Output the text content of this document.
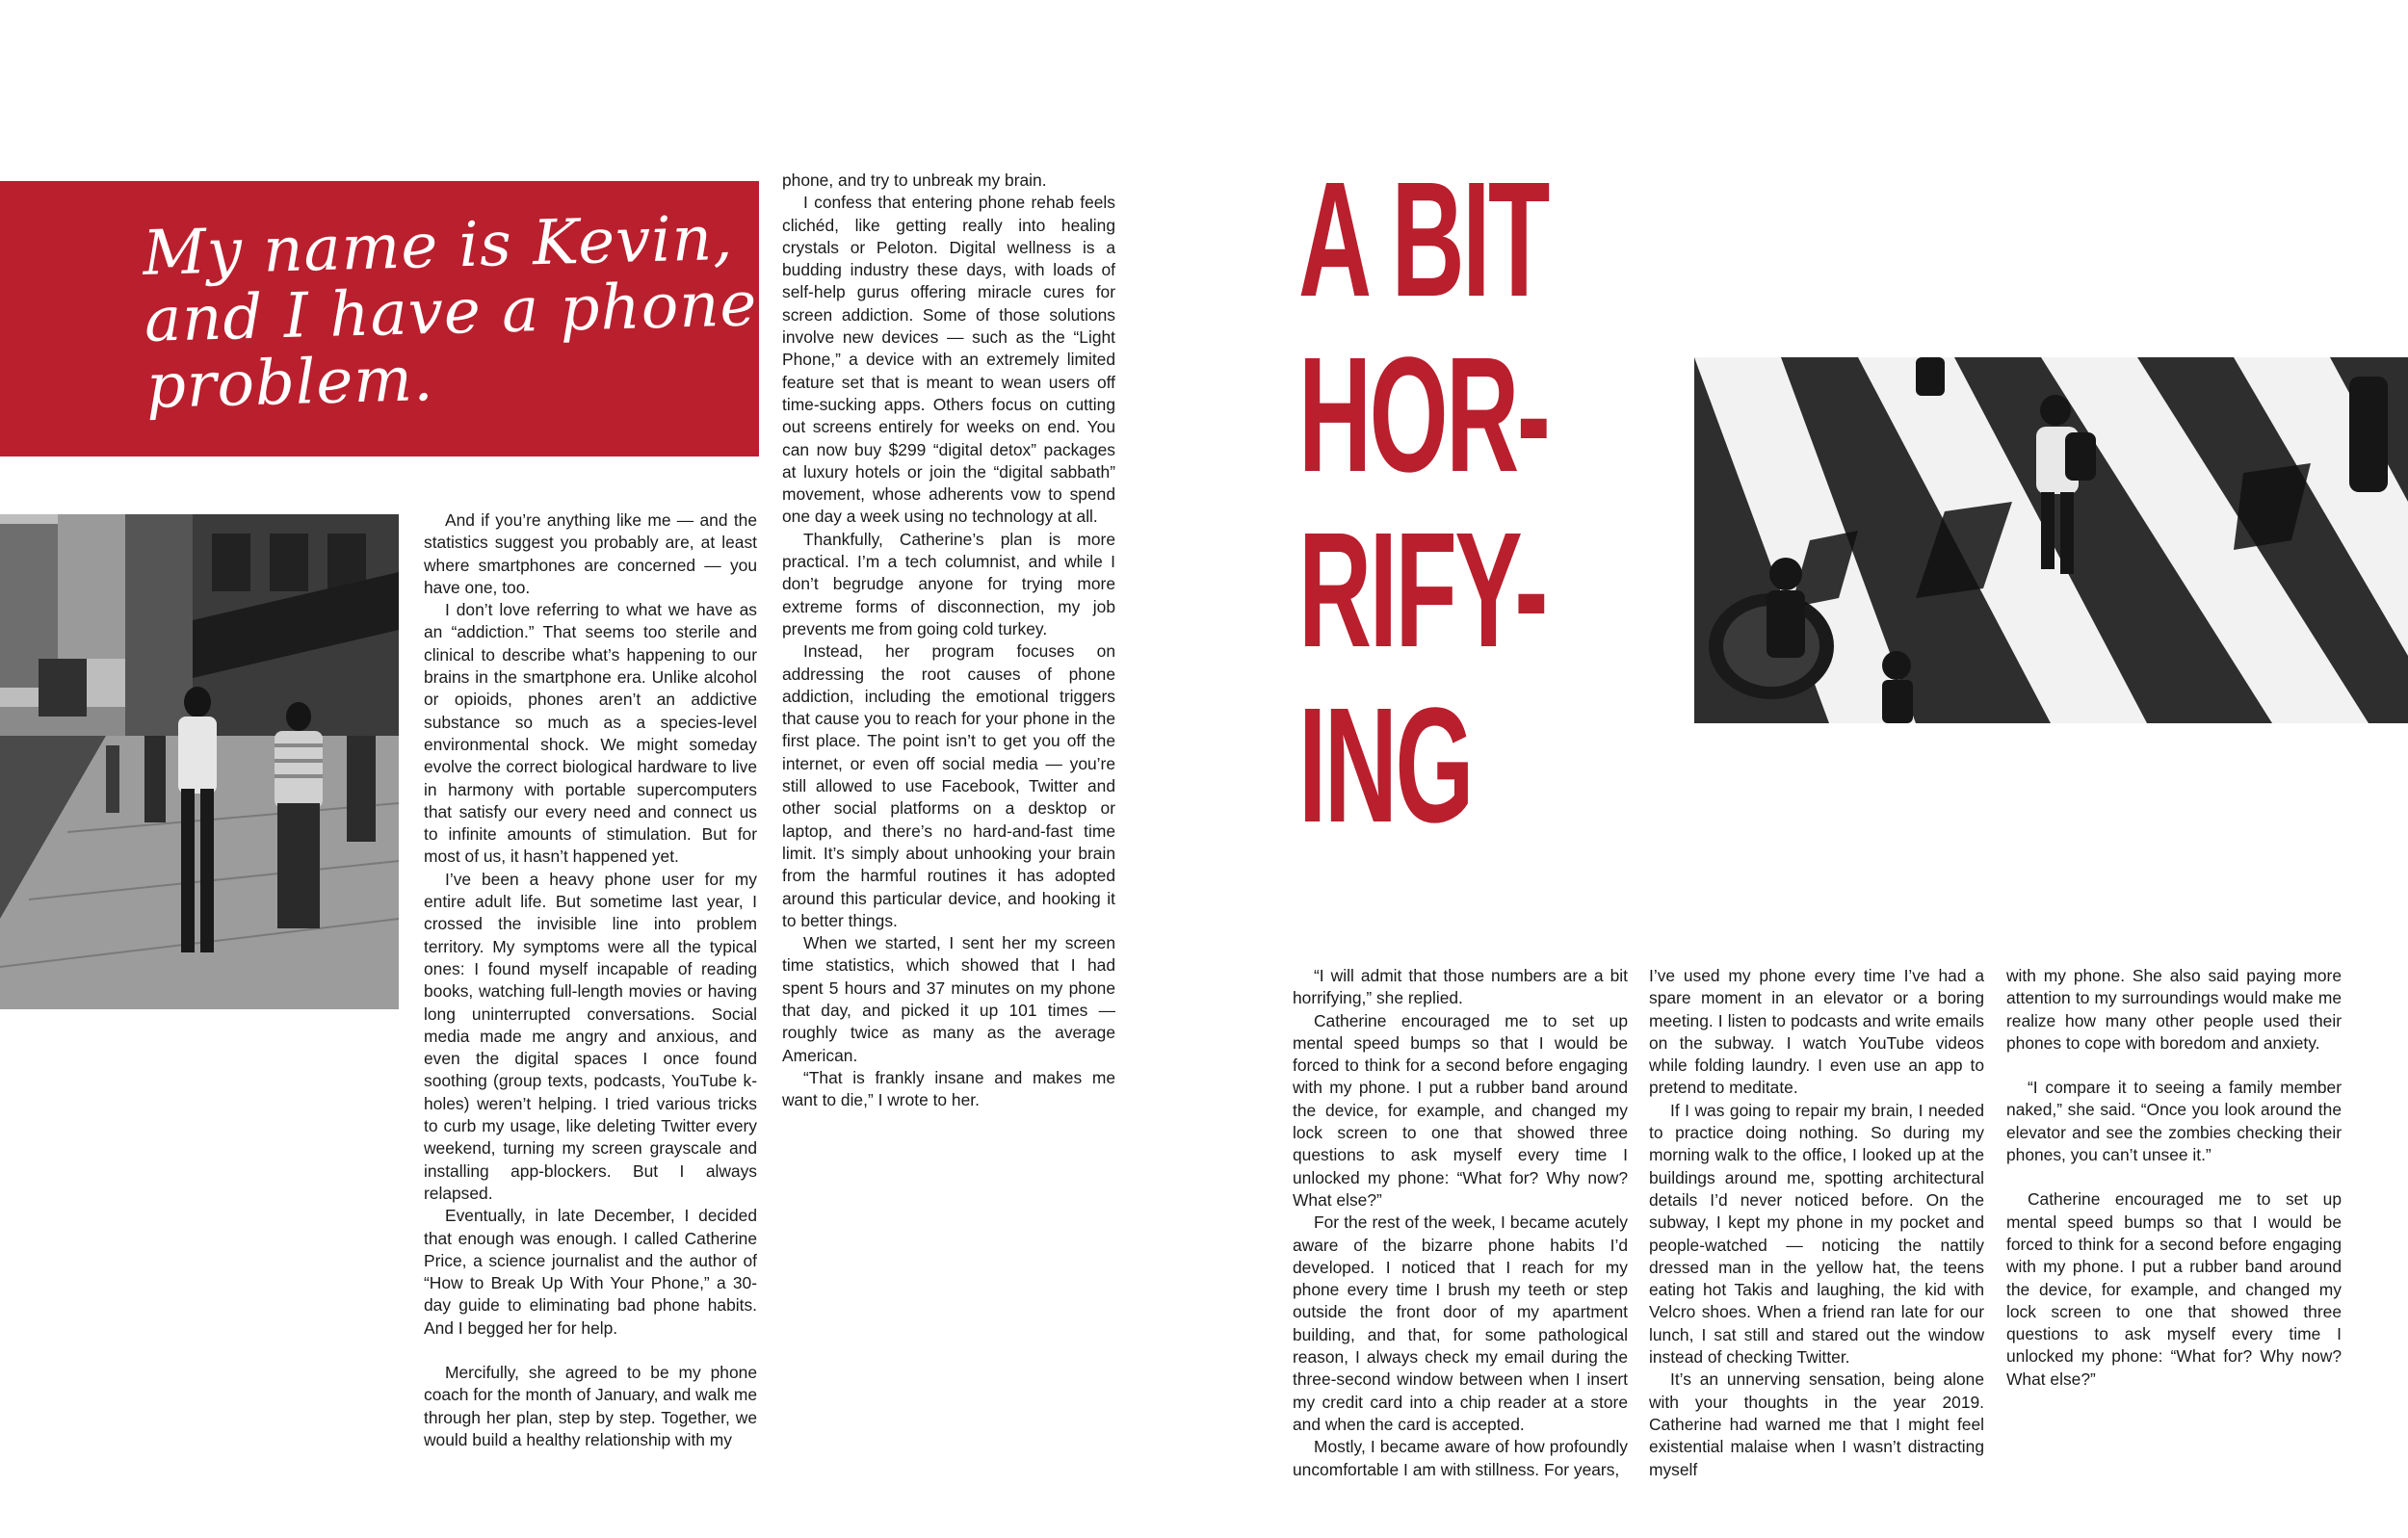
My name is Kevin,
and I have a phone
problem.

And if you’re anything like me — and the statistics suggest you probably are, at least where smartphones are concerned — you have one, too.

I don’t love referring to what we have as an “addiction.” That seems too sterile and clinical to describe what’s happening to our brains in the smartphone era. Unlike alcohol or opioids, phones aren’t an addictive substance so much as a species-level environmental shock. We might someday evolve the correct biological hardware to live in harmony with portable supercomputers that satisfy our every need and connect us to infinite amounts of stimulation. But for most of us, it hasn’t happened yet.

I’ve been a heavy phone user for my entire adult life. But sometime last year, I crossed the invisible line into problem territory. My symptoms were all the typical ones: I found myself incapable of reading books, watching full-length movies or having long uninterrupted conversations. Social media made me angry and anxious, and even the digital spaces I once found soothing (group texts, podcasts, YouTube k-holes) weren’t helping. I tried various tricks to curb my usage, like deleting Twitter every weekend, turning my screen grayscale and installing app-blockers. But I always relapsed.

Eventually, in late December, I decided that enough was enough. I called Catherine Price, a science journalist and the author of “How to Break Up With Your Phone,” a 30-day guide to eliminating bad phone habits. And I begged her for help.

Mercifully, she agreed to be my phone coach for the month of January, and walk me through her plan, step by step. Together, we would build a healthy relationship with my

phone, and try to unbreak my brain.

I confess that entering phone rehab feels clichéd, like getting really into healing crystals or Peloton. Digital wellness is a budding industry these days, with loads of self-help gurus offering miracle cures for screen addiction. Some of those solutions involve new devices — such as the “Light Phone,” a device with an extremely limited feature set that is meant to wean users off time-sucking apps. Others focus on cutting out screens entirely for weeks on end. You can now buy $299 “digital detox” packages at luxury hotels or join the “digital sabbath” movement, whose adherents vow to spend one day a week using no technology at all.

Thankfully, Catherine’s plan is more practical. I’m a tech columnist, and while I don’t begrudge anyone for trying more extreme forms of disconnection, my job prevents me from going cold turkey.

Instead, her program focuses on addressing the root causes of phone addiction, including the emotional triggers that cause you to reach for your phone in the first place. The point isn’t to get you off the internet, or even off social media — you’re still allowed to use Facebook, Twitter and other social platforms on a desktop or laptop, and there’s no hard-and-fast time limit. It’s simply about unhooking your brain from the harmful routines it has adopted around this particular device, and hooking it to better things.

When we started, I sent her my screen time statistics, which showed that I had spent 5 hours and 37 minutes on my phone that day, and picked it up 101 times — roughly twice as many as the average American.

“That is frankly insane and makes me want to die,” I wrote to her.

A BIT
HOR-
RIFY-
ING

“I will admit that those numbers are a bit horrifying,” she replied.

Catherine encouraged me to set up mental speed bumps so that I would be forced to think for a second before engaging with my phone. I put a rubber band around the device, for example, and changed my lock screen to one that showed three questions to ask myself every time I unlocked my phone: “What for? Why now? What else?”

For the rest of the week, I became acutely aware of the bizarre phone habits I’d developed. I noticed that I reach for my phone every time I brush my teeth or step outside the front door of my apartment building, and that, for some pathological reason, I always check my email during the three-second window between when I insert my credit card into a chip reader at a store and when the card is accepted.

Mostly, I became aware of how profoundly uncomfortable I am with stillness. For years,

I’ve used my phone every time I’ve had a spare moment in an elevator or a boring meeting. I listen to podcasts and write emails on the subway. I watch YouTube videos while folding laundry. I even use an app to pretend to meditate.

If I was going to repair my brain, I needed to practice doing nothing. So during my morning walk to the office, I looked up at the buildings around me, spotting architectural details I’d never noticed before. On the subway, I kept my phone in my pocket and people-watched — noticing the nattily dressed man in the yellow hat, the teens eating hot Takis and laughing, the kid with Velcro shoes. When a friend ran late for our lunch, I sat still and stared out the window instead of checking Twitter.

It’s an unnerving sensation, being alone with your thoughts in the year 2019. Catherine had warned me that I might feel existential malaise when I wasn’t distracting myself

with my phone. She also said paying more attention to my surroundings would make me realize how many other people used their phones to cope with boredom and anxiety.

“I compare it to seeing a family member naked,” she said. “Once you look around the elevator and see the zombies checking their phones, you can’t unsee it.”

Catherine encouraged me to set up mental speed bumps so that I would be forced to think for a second before engaging with my phone. I put a rubber band around the device, for example, and changed my lock screen to one that showed three questions to ask myself every time I unlocked my phone: “What for? Why now? What else?”
